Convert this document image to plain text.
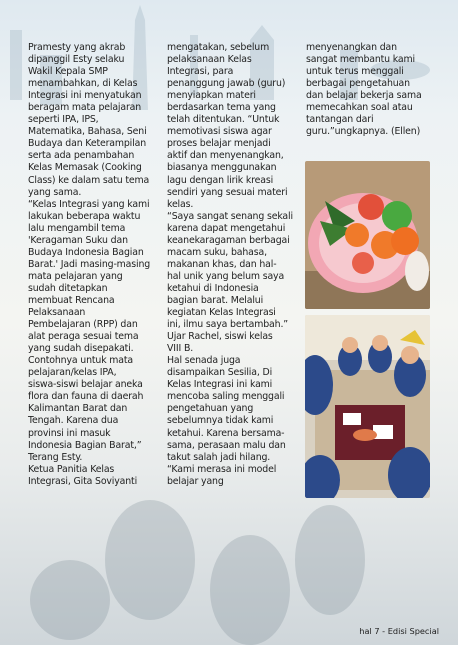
Pramesty yang akrab
dipanggil Esty selaku
Wakil Kepala SMP
menambahkan, di Kelas
Integrasi ini menyatukan
beragam mata pelajaran
seperti IPA, IPS,
Matematika, Bahasa, Seni
Budaya dan Keterampilan
serta ada penambahan
Kelas Memasak (Cooking
Class) ke dalam satu tema
yang sama.
“Kelas Integrasi yang kami
lakukan beberapa waktu
lalu mengambil tema
'Keragaman Suku dan
Budaya Indonesia Bagian
Barat.' Jadi masing-masing
mata pelajaran yang
sudah ditetapkan
membuat Rencana
Pelaksanaan
Pembelajaran (RPP) dan
alat peraga sesuai tema
yang sudah disepakati.
Contohnya untuk mata
pelajaran/kelas IPA,
siswa-siswi belajar aneka
flora dan fauna di daerah
Kalimantan Barat dan
Tengah. Karena dua
provinsi ini masuk
Indonesia Bagian Barat,”
Terang Esty.
Ketua Panitia Kelas
Integrasi, Gita Soviyanti

mengatakan, sebelum
pelaksanaan Kelas
Integrasi, para
penanggung jawab (guru)
menyiapkan materi
berdasarkan tema yang
telah ditentukan. “Untuk
memotivasi siswa agar
proses belajar menjadi
aktif dan menyenangkan,
biasanya menggunakan
lagu dengan lirik kreasi
sendiri yang sesuai materi
kelas.
“Saya sangat senang sekali
karena dapat mengetahui
keanekaragaman berbagai
macam suku, bahasa,
makanan khas, dan hal-
hal unik yang belum saya
ketahui di Indonesia
bagian barat. Melalui
kegiatan Kelas Integrasi
ini, ilmu saya bertambah.”
Ujar Rachel, siswi kelas
VIII B.
Hal senada juga
disampaikan Sesilia, Di
Kelas Integrasi ini kami
mencoba saling menggali
pengetahuan yang
sebelumnya tidak kami
ketahui. Karena bersama-
sama, perasaan malu dan
takut salah jadi hilang.
“Kami merasa ini model
belajar yang

menyenangkan dan
sangat membantu kami
untuk terus menggali
berbagai pengetahuan
dan belajar bekerja sama
memecahkan soal atau
tantangan dari
guru.”ungkapnya. (Ellen)

hal 7 - Edisi Special
